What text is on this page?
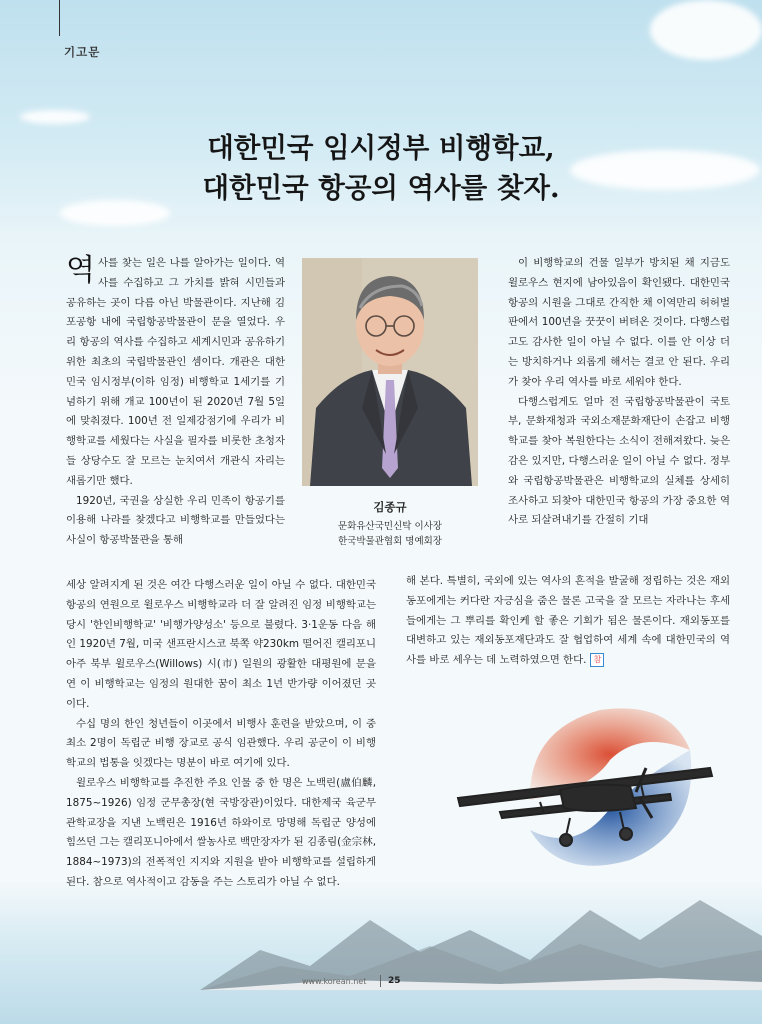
기고문
대한민국 임시정부 비행학교,
대한민국 항공의 역사를 찾자.

역사를 찾는 일은 나를 알아가는 일이다. 역사를 수집하고 그 가치를 밝혀 시민들과 공유하는 곳이 다름 아닌 박물관이다. 지난해 김포공항 내에 국립항공박물관이 문을 열었다. 우리 항공의 역사를 수집하고 세계시민과 공유하기 위한 최초의 국립박물관인 셈이다. 개관은 대한민국 임시정부(이하 임정) 비행학교 1세기를 기념하기 위해 개교 100년이 된 2020년 7월 5일에 맞춰졌다. 100년 전 일제강점기에 우리가 비행학교를 세웠다는 사실을 필자를 비롯한 초청자들 상당수도 잘 모르는 눈치여서 개관식 자리는 새롭기만 했다.

1920년, 국권을 상실한 우리 민족이 항공기를 이용해 나라를 찾겠다고 비행학교를 만들었다는 사실이 항공박물관을 통해

김종규
문화유산국민신탁 이사장
한국박물관협회 명예회장

세상 알려지게 된 것은 여간 다행스러운 일이 아닐 수 없다. 대한민국 항공의 연원으로 윌로우스 비행학교라 더 잘 알려진 임정 비행학교는 당시 '한인비행학교' '비행가양성소' 등으로 불렸다. 3·1운동 다음 해인 1920년 7월, 미국 샌프란시스코 북쪽 약230km 떨어진 캘리포니아주 북부 윌로우스(Willows) 시(市) 일원의 광활한 대평원에 문을 연 이 비행학교는 임정의 원대한 꿈이 최소 1년 반가량 이어졌던 곳이다.

수십 명의 한인 청년들이 이곳에서 비행사 훈련을 받았으며, 이 중 최소 2명이 독립군 비행 장교로 공식 임관했다. 우리 공군이 이 비행학교의 법통을 잇겠다는 명분이 바로 여기에 있다.

윌로우스 비행학교를 추진한 주요 인물 중 한 명은 노백린(盧伯麟, 1875~1926) 임정 군무총장(현 국방장관)이었다. 대한제국 육군무관학교장을 지낸 노백린은 1916년 하와이로 망명해 독립군 양성에 힘쓰던 그는 캘리포니아에서 쌀농사로 백만장자가 된 김종림(金宗林, 1884~1973)의 전폭적인 지지와 지원을 받아 비행학교를 설립하게 된다. 참으로 역사적이고 감동을 주는 스토리가 아닐 수 없다.

이 비행학교의 건물 일부가 방치된 채 지금도 윌로우스 현지에 남아있음이 확인됐다. 대한민국 항공의 시원을 그대로 간직한 채 이역만리 허허벌판에서 100년을 꿋꿋이 버텨온 것이다. 다행스럽고도 감사한 일이 아닐 수 없다. 이를 안 이상 더는 방치하거나 외롭게 해서는 결코 안 된다. 우리가 찾아 우리 역사를 바로 세워야 한다.

다행스럽게도 얼마 전 국립항공박물관이 국토부, 문화재청과 국외소재문화재단이 손잡고 비행학교를 찾아 복원한다는 소식이 전해져왔다. 늦은 감은 있지만, 다행스러운 일이 아닐 수 없다. 정부와 국립항공박물관은 비행학교의 실체를 상세히 조사하고 되찾아 대한민국 항공의 가장 중요한 역사로 되살려내기를 간절히 기대

해 본다. 특별히, 국외에 있는 역사의 흔적을 발굴해 정립하는 것은 재외동포에게는 커다란 자긍심을 줌은 물론 고국을 잘 모르는 자라나는 후세들에게는 그 뿌리를 확인케 할 좋은 기회가 됨은 물론이다. 재외동포를 대변하고 있는 재외동포재단과도 잘 협업하여 세계 속에 대한민국의 역사를 바로 세우는 데 노력하였으면 한다. 참

www.korean.net 25
